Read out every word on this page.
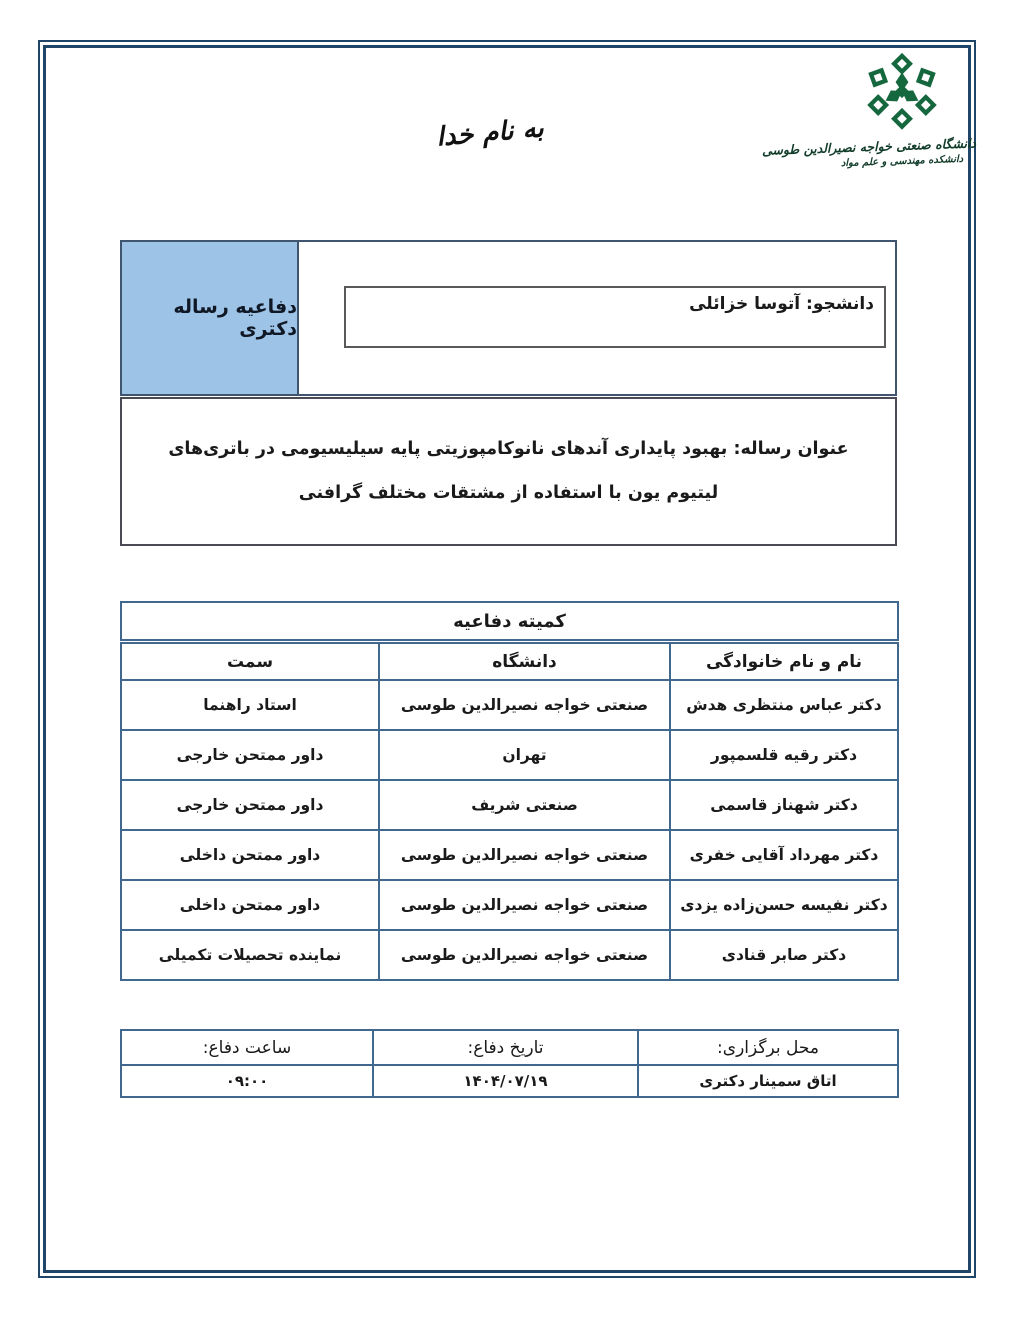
به نام خدا	دانشگاه صنعتی خواجه نصیرالدین طوسی
دانشکده مهندسی و علم مواد
دفاعیه رساله دکتری
دانشجو: آتوسا خزائلی
عنوان رساله: بهبود پایداری آندهای نانوکامپوزیتی پایه سیلیسیومی در باتری‌های لیتیوم یون با استفاده از مشتقات مختلف گرافنی
کمیته دفاعیه		
نام و نام خانوادگی	دانشگاه	سمت
دکتر عباس منتظری هدش	صنعتی خواجه نصیرالدین طوسی	استاد راهنما
دکتر رقیه قلسمپور	تهران	داور ممتحن خارجی
دکتر شهناز قاسمی	صنعتی شریف	داور ممتحن خارجی
دکتر مهرداد آقایی خفری	صنعتی خواجه نصیرالدین طوسی	داور ممتحن داخلی
دکتر نفیسه حسن‌زاده یزدی	صنعتی خواجه نصیرالدین طوسی	داور ممتحن داخلی
دکتر صابر قنادی	صنعتی خواجه نصیرالدین طوسی	نماینده تحصیلات تکمیلی
محل برگزاری:	تاریخ دفاع:	ساعت دفاع:
اتاق سمینار دکتری	۱۴۰۴/۰۷/۱۹	۰۹:۰۰
